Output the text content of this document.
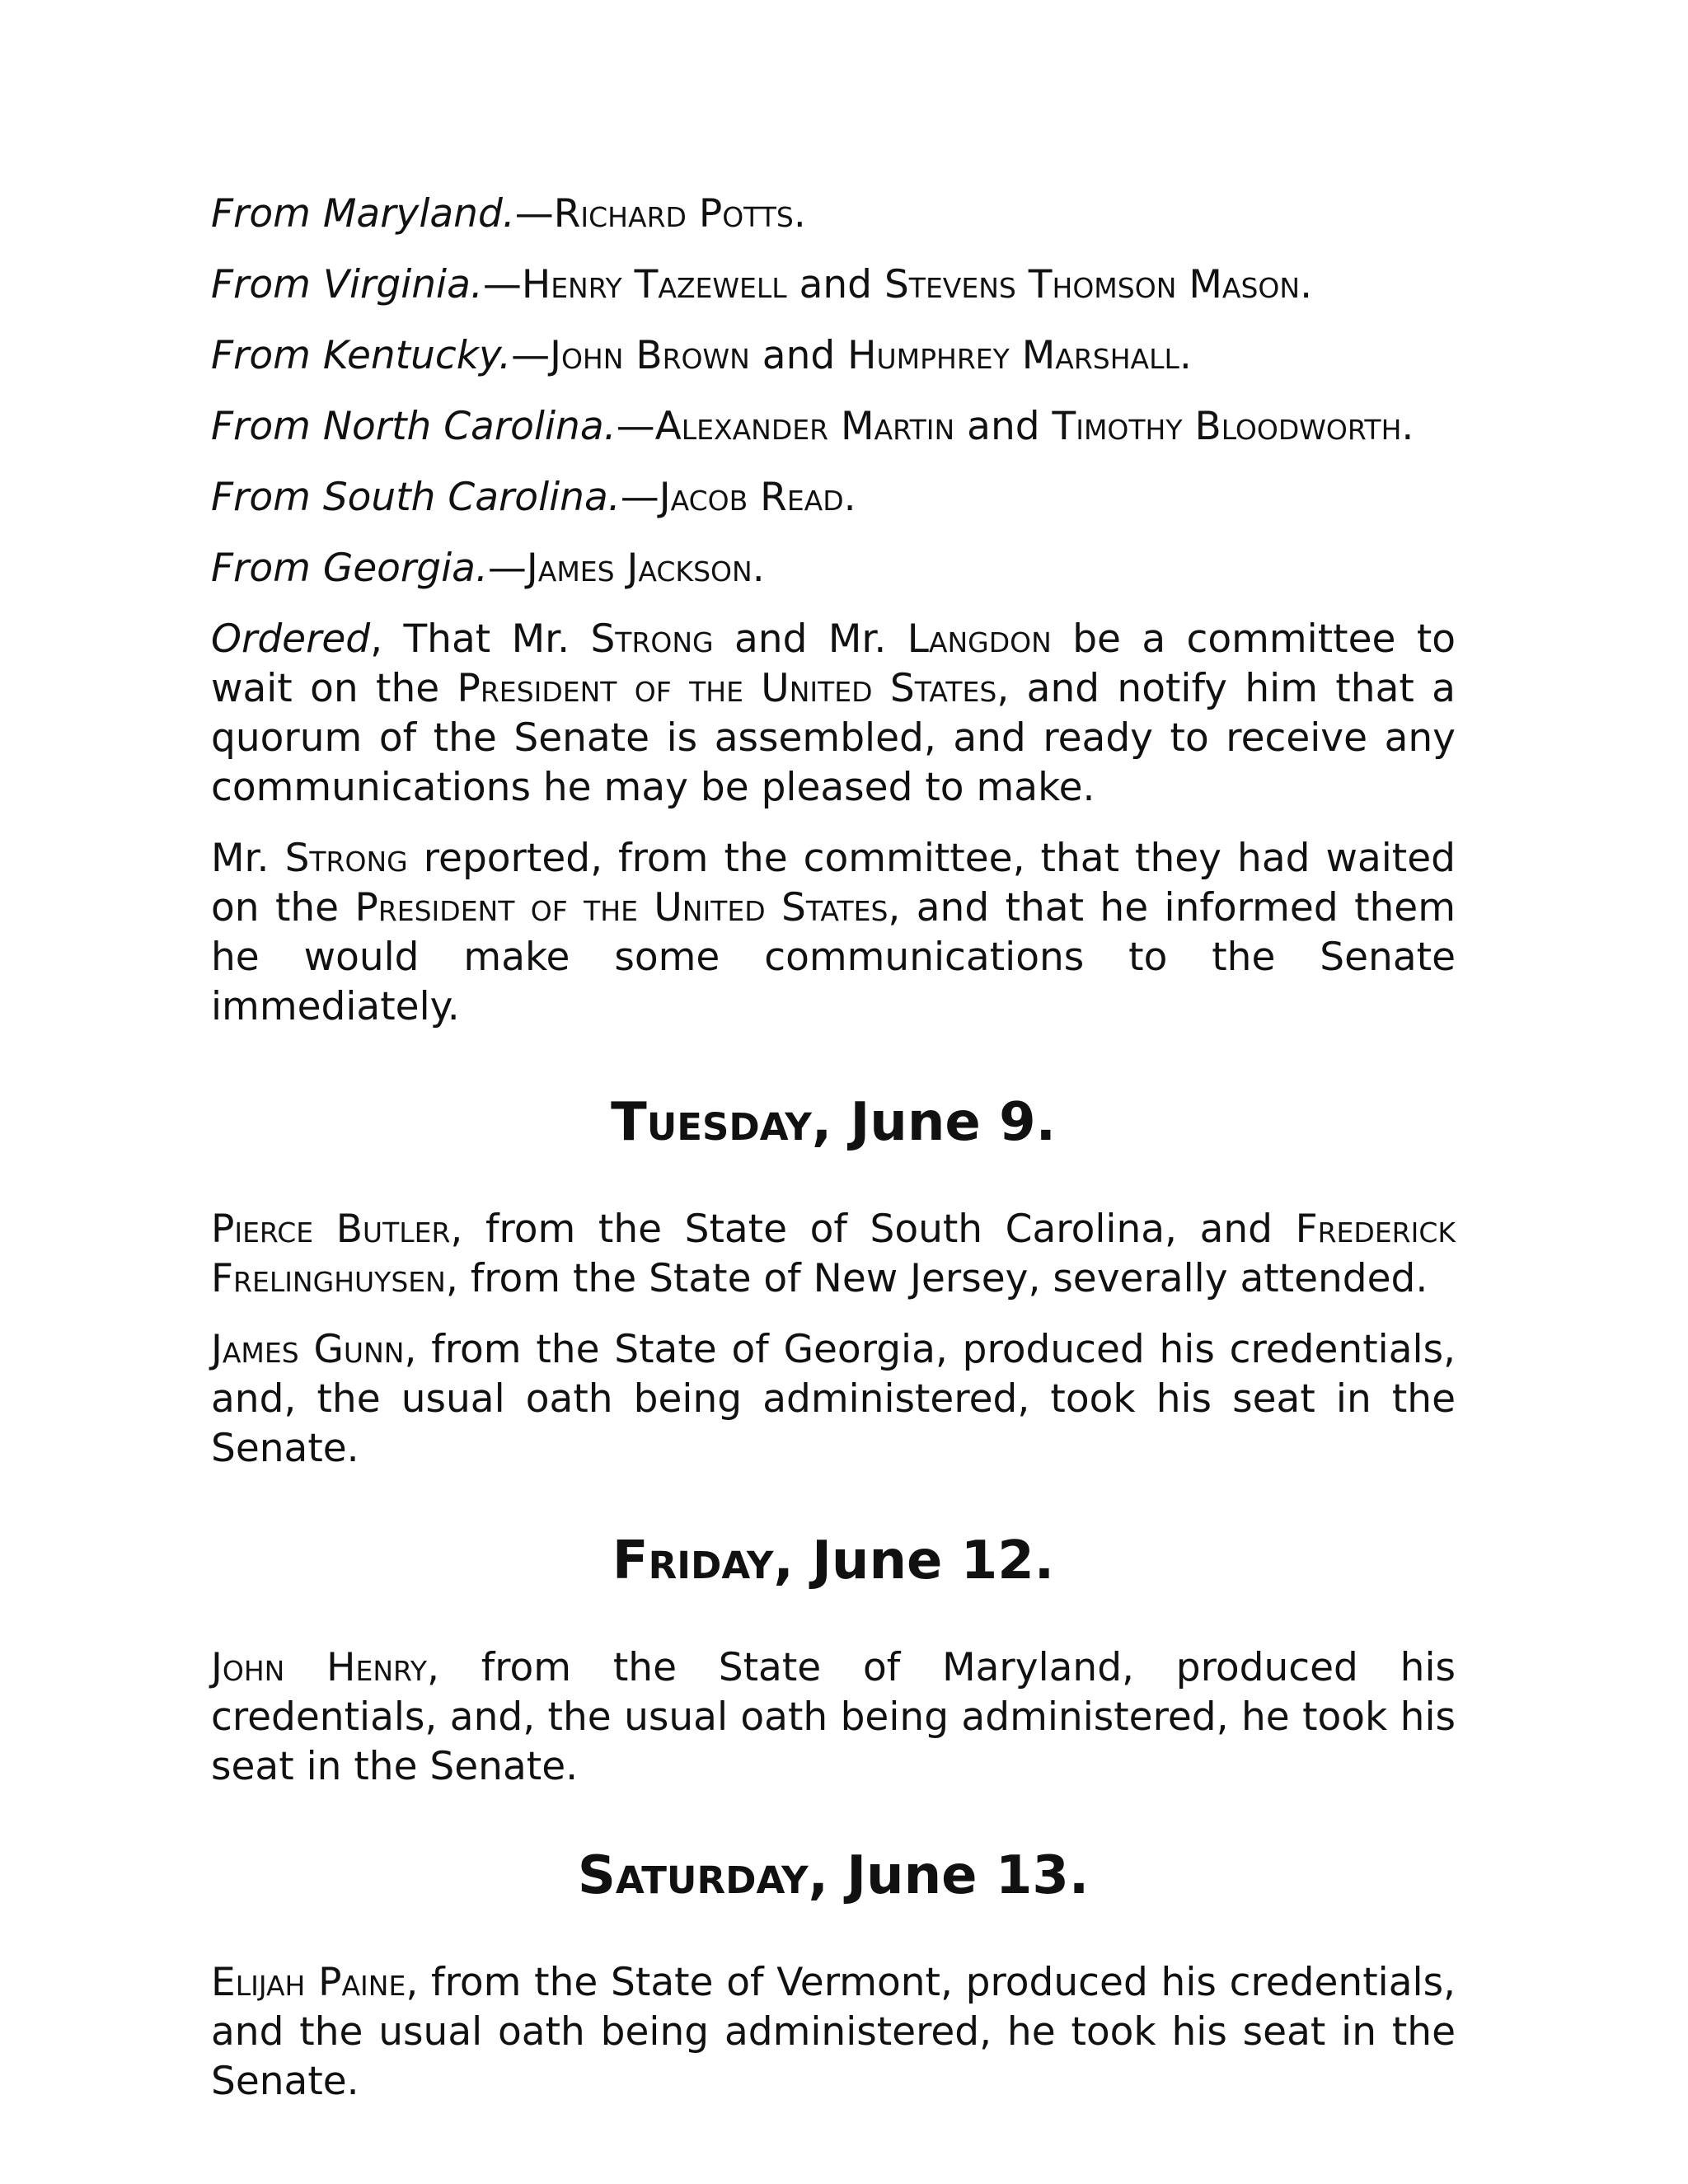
From Maryland.—Richard Potts.

From Virginia.—Henry Tazewell and Stevens Thomson Mason.

From Kentucky.—John Brown and Humphrey Marshall.

From North Carolina.—Alexander Martin and Timothy Bloodworth.

From South Carolina.—Jacob Read.

From Georgia.—James Jackson.

Ordered, That Mr. Strong and Mr. Langdon be a committee to wait on the President of the United States, and notify him that a quorum of the Senate is assembled, and ready to receive any communications he may be pleased to make.

Mr. Strong reported, from the committee, that they had waited on the President of the United States, and that he informed them he would make some communications to the Senate immediately.

Tuesday, June 9.

Pierce Butler, from the State of South Carolina, and Frederick Frelinghuysen, from the State of New Jersey, severally attended.

James Gunn, from the State of Georgia, produced his credentials, and, the usual oath being administered, took his seat in the Senate.

Friday, June 12.

John Henry, from the State of Maryland, produced his credentials, and, the usual oath being administered, he took his seat in the Senate.

Saturday, June 13.

Elijah Paine, from the State of Vermont, produced his credentials, and the usual oath being administered, he took his seat in the Senate.
